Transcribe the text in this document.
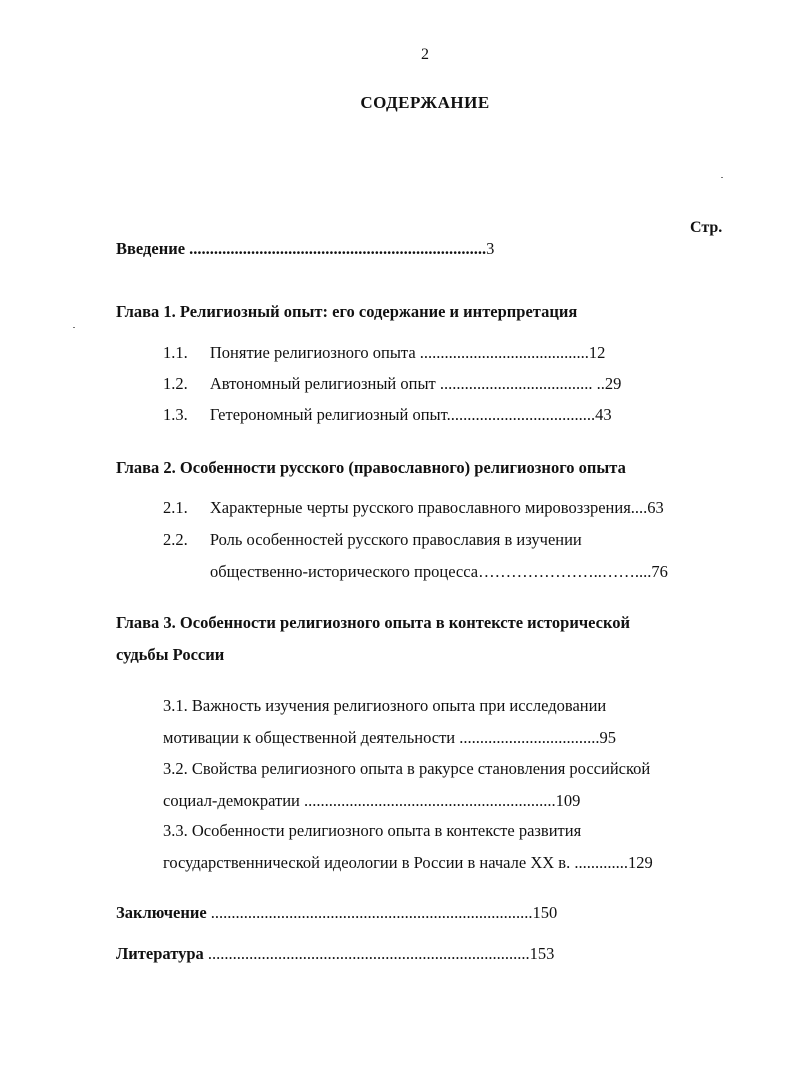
2
СОДЕРЖАНИЕ
Стр.
Введение ........................................................................3
Глава 1. Религиозный опыт: его содержание и интерпретация
1.1. Понятие религиозного опыта .........................................12
1.2. Автономный религиозный опыт ..................................... ..29
1.3. Гетерономный религиозный опыт....................................43
Глава 2. Особенности русского (православного) религиозного опыта
2.1. Характерные черты русского православного мировоззрения....63
2.2. Роль особенностей русского православия в изучении
общественно-исторического процесса…………………..……....76
Глава 3. Особенности религиозного опыта в контексте исторической
судьбы России
3.1. Важность изучения религиозного опыта при исследовании
мотивации к общественной деятельности ..................................95
3.2. Свойства религиозного опыта в ракурсе становления российской
социал-демократии .............................................................109
3.3. Особенности религиозного опыта в контексте развития
государственнической идеологии в России в начале XX в. .............129
Заключение ..............................................................................150
Литература ..............................................................................153
